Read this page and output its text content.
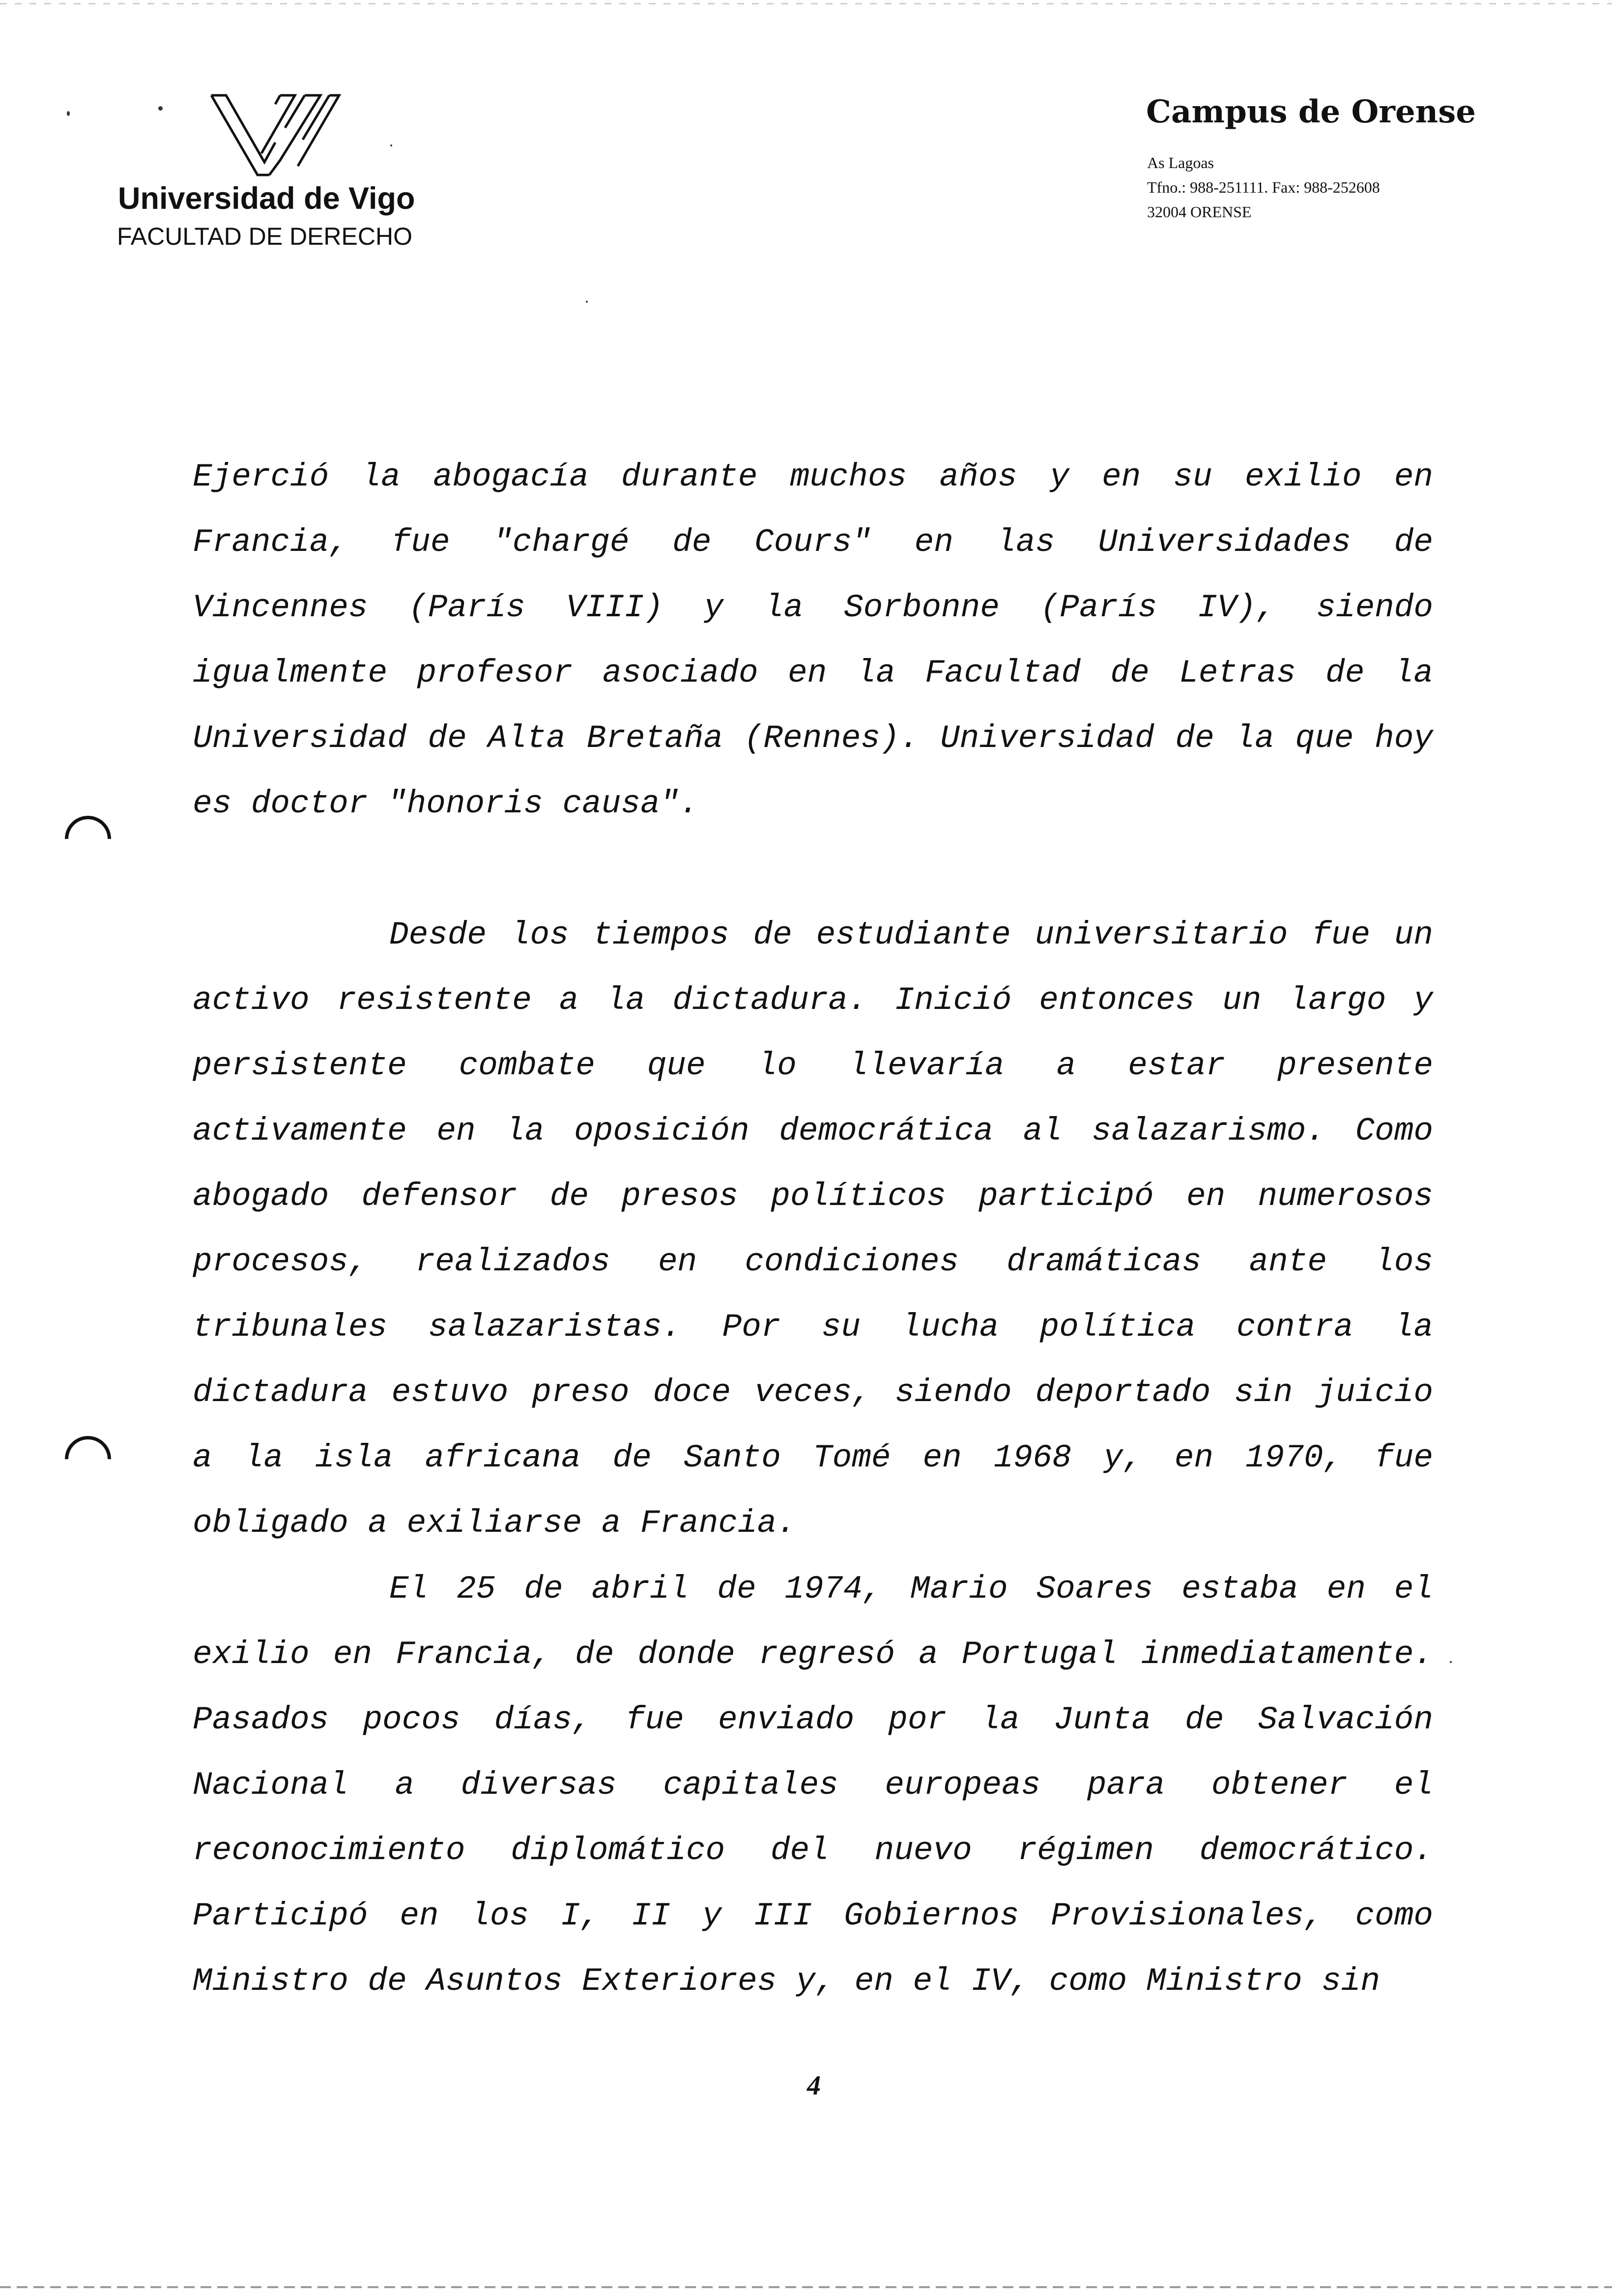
Universidad de Vigo
FACULTAD DE DERECHO
Campus de Orense
As Lagoas
Tfno.: 988-251111. Fax: 988-252608
32004 ORENSE

Ejerció la abogacía durante muchos años y en su exilio en Francia, fue "chargé de Cours" en las Universidades de Vincennes (París VIII) y la Sorbonne (París IV), siendo igualmente profesor asociado en la Facultad de Letras de la Universidad de Alta Bretaña (Rennes). Universidad de la que hoy es doctor "honoris causa".

Desde los tiempos de estudiante universitario fue un activo resistente a la dictadura. Inició entonces un largo y persistente combate que lo llevaría a estar presente activamente en la oposición democrática al salazarismo. Como abogado defensor de presos políticos participó en numerosos procesos, realizados en condiciones dramáticas ante los tribunales salazaristas. Por su lucha política contra la dictadura estuvo preso doce veces, siendo deportado sin juicio a la isla africana de Santo Tomé en 1968 y, en 1970, fue obligado a exiliarse a Francia.

El 25 de abril de 1974, Mario Soares estaba en el exilio en Francia, de donde regresó a Portugal inmediatamente. Pasados pocos días, fue enviado por la Junta de Salvación Nacional a diversas capitales europeas para obtener el reconocimiento diplomático del nuevo régimen democrático. Participó en los I, II y III Gobiernos Provisionales, como Ministro de Asuntos Exteriores y, en el IV, como Ministro sin

4
